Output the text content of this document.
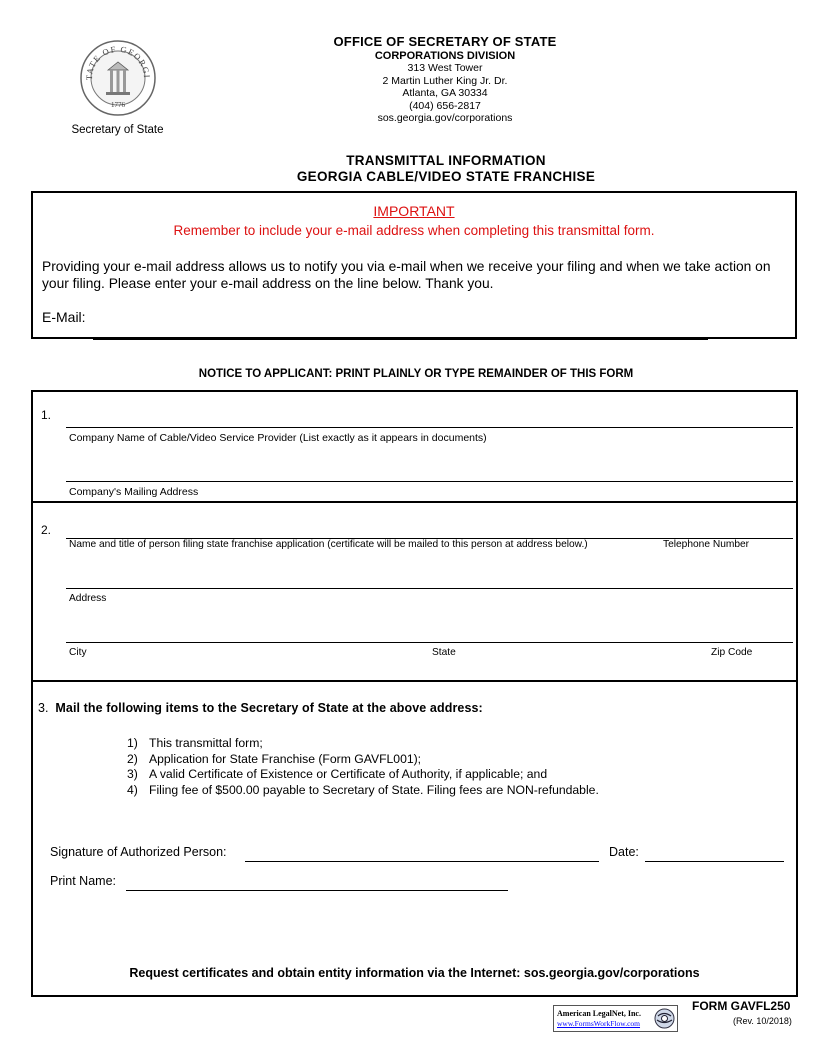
TATE OF GEORGI
1776
Secretary of State
OFFICE OF SECRETARY OF STATE
CORPORATIONS DIVISION
313 West Tower
2 Martin Luther King Jr. Dr.
Atlanta, GA 30334
(404) 656-2817
sos.georgia.gov/corporations
TRANSMITTAL INFORMATION
GEORGIA CABLE/VIDEO STATE FRANCHISE
IMPORTANT
Remember to include your e-mail address when completing this transmittal form.
Providing your e-mail address allows us to notify you via e-mail when we receive your filing and when we take action on your filing. Please enter your e-mail address on the line below. Thank you.
E-Mail:
NOTICE TO APPLICANT: PRINT PLAINLY OR TYPE REMAINDER OF THIS FORM
1.
Company Name of Cable/Video Service Provider (List exactly as it appears in documents)
Company's Mailing Address
2.
Name and title of person filing state franchise application (certificate will be mailed to this person at address below.)	Telephone Number
Address
City	State	Zip Code
3. Mail the following items to the Secretary of State at the above address:
1) This transmittal form;
2) Application for State Franchise (Form GAVFL001);
3) A valid Certificate of Existence or Certificate of Authority, if applicable; and
4) Filing fee of $500.00 payable to Secretary of State. Filing fees are NON-refundable.
Signature of Authorized Person:	Date:
Print Name:
Request certificates and obtain entity information via the Internet: sos.georgia.gov/corporations
American LegalNet, Inc.
www.FormsWorkFlow.com
FORM GAVFL250
(Rev. 10/2018)
